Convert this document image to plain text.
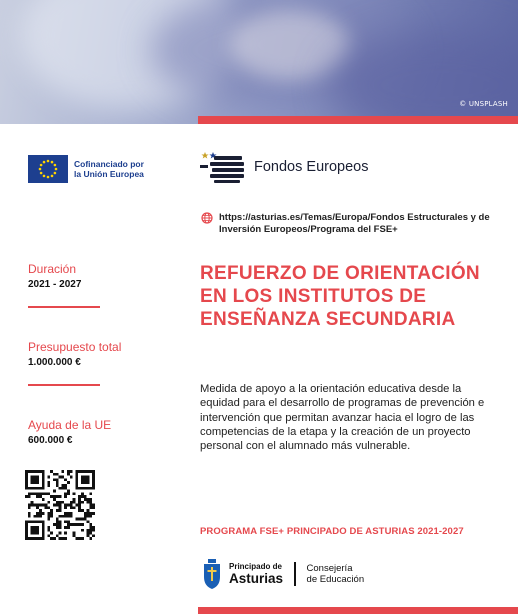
© UNSPLASH
Cofinanciado por
la Unión Europea	Fondos Europeos
https://asturias.es/Temas/Europa/Fondos Estructurales y de Inversión Europeos/Programa del FSE+
Duración
2021 - 2027
Presupuesto total
1.000.000 €
Ayuda de la UE
600.000 €
REFUERZO DE ORIENTACIÓN EN LOS INSTITUTOS DE ENSEÑANZA SECUNDARIA
Medida de apoyo a la orientación educativa desde la equidad para el desarrollo de programas de prevención e intervención que permitan avanzar hacia el logro de las competencias de la etapa y la creación de un proyecto personal con el alumnado más vulnerable.
PROGRAMA FSE+ PRINCIPADO DE ASTURIAS 2021-2027
Principado de
Asturias
Consejería
de Educación
